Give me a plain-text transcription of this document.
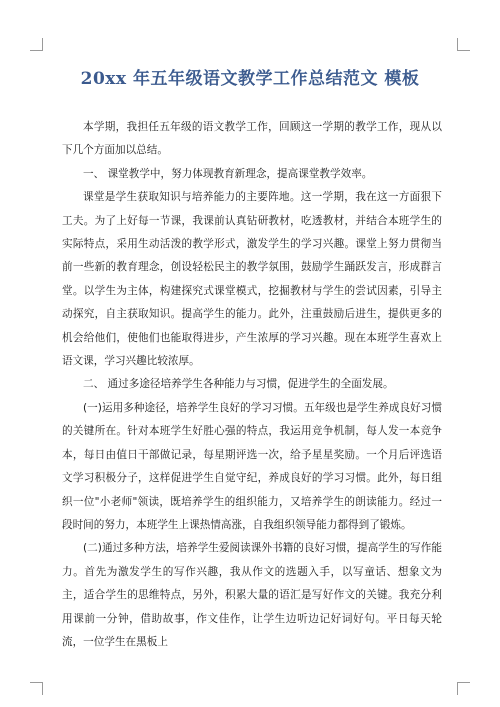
20xx 年五年级语文教学工作总结范文 模板

本学期，我担任五年级的语文教学工作，回顾这一学期的教学工作，现从以下几个方面加以总结。

一、 课堂教学中，努力体现教育新理念，提高课堂教学效率。

课堂是学生获取知识与培养能力的主要阵地。这一学期，我在这一方面狠下工夫。为了上好每一节课，我课前认真钻研教材，吃透教材，并结合本班学生的实际特点，采用生动活泼的教学形式，激发学生的学习兴趣。课堂上努力贯彻当前一些新的教育理念，创设轻松民主的教学氛围，鼓励学生踊跃发言，形成群言堂。以学生为主体，构建探究式课堂模式，挖掘教材与学生的尝试因素，引导主动探究，自主获取知识。提高学生的能力。此外，注重鼓励后进生，提供更多的机会给他们，使他们也能取得进步，产生浓厚的学习兴趣。现在本班学生喜欢上语文课，学习兴趣比较浓厚。

二、 通过多途径培养学生各种能力与习惯，促进学生的全面发展。

(一)运用多种途径，培养学生良好的学习习惯。五年级也是学生养成良好习惯的关键所在。针对本班学生好胜心强的特点，我运用竞争机制，每人发一本竞争本，每日由值日干部做记录，每星期评选一次，给予星星奖励。一个月后评选语文学习积极分子，这样促进学生自觉守纪，养成良好的学习习惯。此外，每日组织一位"小老师"领读，既培养学生的组织能力，又培养学生的朗读能力。经过一段时间的努力，本班学生上课热情高涨，自我组织领导能力都得到了锻炼。

(二)通过多种方法，培养学生爱阅读课外书籍的良好习惯，提高学生的写作能力。首先为激发学生的写作兴趣，我从作文的选题入手，以写童话、想象文为主，适合学生的思维特点，另外，积累大量的语汇是写好作文的关键。我充分利用课前一分钟，借助故事，作文佳作，让学生边听边记好词好句。平日每天轮流，一位学生在黑板上
